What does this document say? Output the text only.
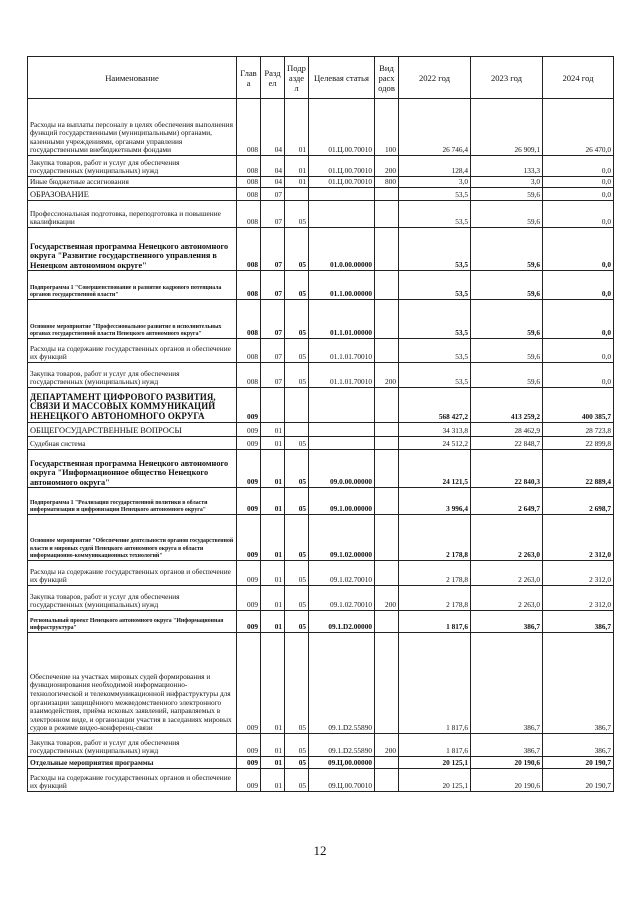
Наименование	Глав а	Разд ел	Подр азде л	Целевая статья	Вид расх одов	2022 год	2023 год	2024 год
Расходы на выплаты персоналу в целях обеспечения выполнения функций государственными (муниципальными) органами, казенными учреждениями, органами управления государственными внебюджетными фондами	008	04	01	01.Ц.00.70010	100	26 746,4	26 909,1	26 470,0
Закупка товаров, работ и услуг для обеспечения государственных (муниципальных) нужд	008	04	01	01.Ц.00.70010	200	128,4	133,3	0,0
Иные бюджетные ассигнования	008	04	01	01.Ц.00.70010	800	3,0	3,0	0,0
ОБРАЗОВАНИЕ	008	07				53,5	59,6	0,0
Профессиональная подготовка, переподготовка и повышение квалификации	008	07	05			53,5	59,6	0,0
Государственная программа Ненецкого автономного округа "Развитие государственного управления в Ненецком автономном округе"	008	07	05	01.0.00.00000		53,5	59,6	0,0
Подпрограмма 1 "Совершенствование и развитие кадрового потенциала органов государственной власти"	008	07	05	01.1.00.00000		53,5	59,6	0,0
Основное мероприятие "Профессиональное развитие в исполнительных органах государственной власти Ненецкого автономного округа"	008	07	05	01.1.01.00000		53,5	59,6	0,0
Расходы на содержание государственных органов и обеспечение их функций	008	07	05	01.1.01.70010		53,5	59,6	0,0
Закупка товаров, работ и услуг для обеспечения государственных (муниципальных) нужд	008	07	05	01.1.01.70010	200	53,5	59,6	0,0
ДЕПАРТАМЕНТ ЦИФРОВОГО РАЗВИТИЯ, СВЯЗИ И МАССОВЫХ КОММУНИКАЦИЙ НЕНЕЦКОГО АВТОНОМНОГО ОКРУГА	009					568 427,2	413 259,2	400 385,7
ОБЩЕГОСУДАРСТВЕННЫЕ ВОПРОСЫ	009	01				34 313,8	28 462,9	28 723,8
Судебная система	009	01	05			24 512,2	22 848,7	22 899,8
Государственная программа Ненецкого автономного округа "Информационное общество Ненецкого автономного округа"	009	01	05	09.0.00.00000		24 121,5	22 840,3	22 889,4
Подпрограмма 1 "Реализация государственной политики в области информатизации и цифровизации Ненецкого автономного округа"	009	01	05	09.1.00.00000		3 996,4	2 649,7	2 698,7
Основное мероприятие "Обеспечение деятельности органов государственной власти и мировых судей Ненецкого автономного округа в области информационно-коммуникационных технологий"	009	01	05	09.1.02.00000		2 178,8	2 263,0	2 312,0
Расходы на содержание государственных органов и обеспечение их функций	009	01	05	09.1.02.70010		2 178,8	2 263,0	2 312,0
Закупка товаров, работ и услуг для обеспечения государственных (муниципальных) нужд	009	01	05	09.1.02.70010	200	2 178,8	2 263,0	2 312,0
Региональный проект Ненецкого автономного округа "Информационная инфраструктура"	009	01	05	09.1.D2.00000		1 817,6	386,7	386,7
Обеспечение на участках мировых судей формирования и функционирования необходимой информационно-технологической и телекоммуникационной инфраструктуры для организации защищённого межведомственного электронного взаимодействия, приёма исковых заявлений, направляемых в электронном виде, и организации участия в заседаниях мировых судов в режиме видео-конференц-связи	009	01	05	09.1.D2.55890		1 817,6	386,7	386,7
Закупка товаров, работ и услуг для обеспечения государственных (муниципальных) нужд	009	01	05	09.1.D2.55890	200	1 817,6	386,7	386,7
Отдельные мероприятия программы	009	01	05	09.Ц.00.00000		20 125,1	20 190,6	20 190,7
Расходы на содержание государственных органов и обеспечение их функций	009	01	05	09.Ц.00.70010		20 125,1	20 190,6	20 190,7
12
